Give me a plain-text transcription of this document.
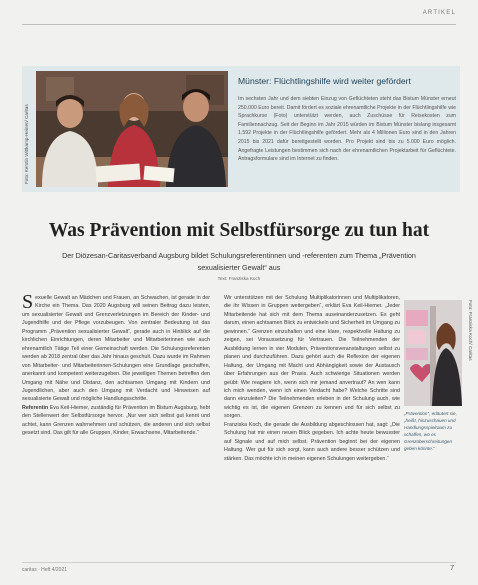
ARTIKEL
Foto: Kerstin Wittkamp-Heinen/ Caritas
Münster: Flüchtlingshilfe wird weiter gefördert
Im sechsten Jahr und dem siebten Einzug von Geflüchteten steht das Bistum Münster erneut 250.000 Euro bereit. Damit fördert es soziale ehrenamtliche Projekte in der Flüchtlingshilfe wie Sprachkurse (Foto) unterstützt werden, auch Zuschüsse für Reisekosten zum Familiennachzug. Seit der Beginn im Jahr 2015 würden im Bistum Münster bislang insgesamt 1.592 Projekte in der Flüchtlingshilfe gefördert. Mehr als 4 Millionen Euro sind in den Jahren 2015 bis 2021 dafür bereitgestellt worden. Pro Projekt sind bis zu 5.000 Euro möglich. Angefragte Leistungen bestimmen sich nach der ehrenamtlichen Projektarbeit für Geflüchtete. Antragsformulare sind im Internet zu finden.
Was Prävention mit Selbstfürsorge zu tun hat
Der Diözesan-Caritasverband Augsburg bildet Schulungsreferentinnen und -referenten zum Thema „Prävention sexualisierter Gewalt“ aus
Text: Franziska Koch

Sexuelle Gewalt an Mädchen und Frauen, an Schwachen, ist gerade in der Kirche ein Thema. Das 2020 Augsburg will seinen Beitrag dazu leisten, um sexualisierter Gewalt und Grenzverletzungen im Bereich der Kinder- und Jugendhilfe und der Pflege vorzubeugen. Von zentraler Bedeutung ist das Programm „Prävention sexualisierter Gewalt“, gerade auch in Hinblick auf die kirchlichen Einrichtungen, deren Mitarbeiter und Mitarbeiterinnen wie auch ehrenamtlich Tätige Teil einer Gemeinschaft werden. Die Schulungsreferenten werden ab 2018 zentral über das Jahr hinaus geschult. Dazu wurde im Rahmen von Mitarbeiter- und Mitarbeiterinnen-Schulungen eine Grundlage geschaffen, anerkannt und kompetent weiterzugeben. Die jeweiligen Themen betreffen den Umgang mit Nähe und Distanz, den achtsamen Umgang mit Kindern und Jugendlichen, aber auch den Umgang mit Verdacht und Hinweisen auf sexualisierte Gewalt und mögliche Handlungsschritte.

Referentin Eva Keil-Hiemer, zuständig für Prävention im Bistum Augsburg, hebt den Stellenwert der Selbstfürsorge hervor. „Nur wer sich selbst gut kennt und achtet, kann Grenzen wahrnehmen und schützen, die anderen und sich selbst gesetzt sind. Das gilt für alle Gruppen, Kinder, Erwachsene, Mitarbeitende.“

Wir unterstützen mit der Schulung Multiplikatorinnen und Multiplikatoren, die ihr Wissen in Gruppen weitergeben“, erklärt Eva Keil-Hiemer. „Jeder Mitarbeitende hat sich mit dem Thema auseinanderzusetzen. Es geht darum, einen achtsamen Blick zu entwickeln und Sicherheit im Umgang zu gewinnen.“ Grenzen einzuhalten und eine klare, respektvolle Haltung zu zeigen, sei Voraussetzung für Vertrauen. Die Teilnehmenden der Ausbildung lernen in vier Modulen, Präventionsveranstaltungen selbst zu planen und durchzuführen. Dazu gehört auch die Reflexion der eigenen Haltung, der Umgang mit Macht und Abhängigkeit sowie der Austausch über Erfahrungen aus der Praxis. Auch schwierige Situationen werden geübt: Wie reagiere ich, wenn sich mir jemand anvertraut? An wen kann ich mich wenden, wenn ich einen Verdacht habe? Welche Schritte sind dann einzuleiten? Die Teilnehmenden erleben in der Schulung auch, wie wichtig es ist, die eigenen Grenzen zu kennen und für sich selbst zu sorgen.

Franziska Koch, die gerade die Ausbildung abgeschlossen hat, sagt: „Die Schulung hat mir einen neuen Blick gegeben. Ich achte heute bewusster auf Signale und auf mich selbst. Prävention beginnt bei der eigenen Haltung. Wer gut für sich sorgt, kann auch andere besser schützen und stärken. Das möchte ich in meinen eigenen Schulungen weitergeben.“

Foto: Franziska Koch/ Caritas
„Prävention“, erläutert sie, „heißt, hinzuschauen und Handlungsspielraum zu schaffen, wo es Grenzüberschreitungen geben könnte.“
caritas · Heft 4/2021	7
